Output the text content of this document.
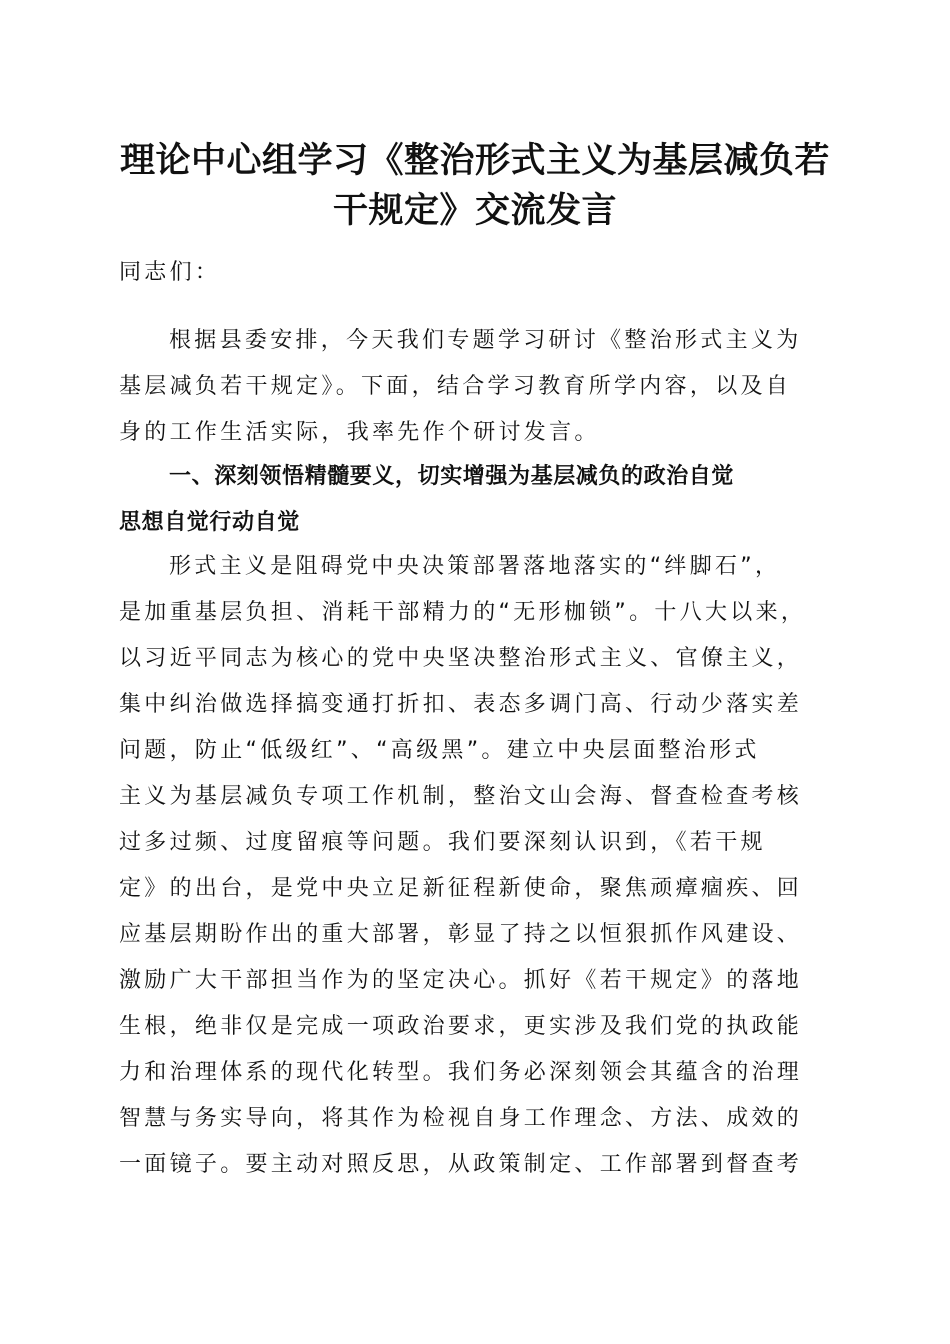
理论中心组学习《整治形式主义为基层减负若
干规定》交流发言
同志们：
根据县委安排，今天我们专题学习研讨《整治形式主义为
基层减负若干规定》。下面，结合学习教育所学内容，以及自
身的工作生活实际，我率先作个研讨发言。
一、深刻领悟精髓要义，切实增强为基层减负的政治自觉
思想自觉行动自觉
形式主义是阻碍党中央决策部署落地落实的“绊脚石”，
是加重基层负担、消耗干部精力的“无形枷锁”。十八大以来，
以习近平同志为核心的党中央坚决整治形式主义、官僚主义，
集中纠治做选择搞变通打折扣、表态多调门高、行动少落实差
问题，防止“低级红”、“高级黑”。建立中央层面整治形式
主义为基层减负专项工作机制，整治文山会海、督查检查考核
过多过频、过度留痕等问题。我们要深刻认识到，《若干规
定》的出台，是党中央立足新征程新使命，聚焦顽瘴痼疾、回
应基层期盼作出的重大部署，彰显了持之以恒狠抓作风建设、
激励广大干部担当作为的坚定决心。抓好《若干规定》的落地
生根，绝非仅是完成一项政治要求，更实涉及我们党的执政能
力和治理体系的现代化转型。我们务必深刻领会其蕴含的治理
智慧与务实导向，将其作为检视自身工作理念、方法、成效的
一面镜子。要主动对照反思，从政策制定、工作部署到督查考
